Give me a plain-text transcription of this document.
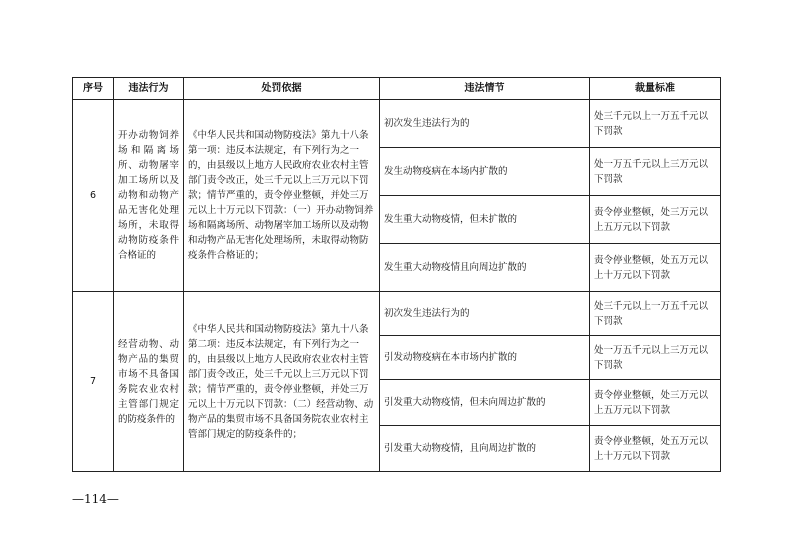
序号	违法行为	处罚依据	违法情节	裁量标准
6	开办动物饲养场和隔离场所、动物屠宰加工场所以及动物和动物产品无害化处理场所，未取得动物防疫条件合格证的	《中华人民共和国动物防疫法》第九十八条第一项：违反本法规定，有下列行为之一的，由县级以上地方人民政府农业农村主管部门责令改正，处三千元以上三万元以下罚款；情节严重的，责令停业整顿，并处三万元以上十万元以下罚款：（一）开办动物饲养场和隔离场所、动物屠宰加工场所以及动物和动物产品无害化处理场所，未取得动物防疫条件合格证的；	初次发生违法行为的	处三千元以上一万五千元以下罚款
			发生动物疫病在本场内扩散的	处一万五千元以上三万元以下罚款
			发生重大动物疫情，但未扩散的	责令停业整顿，处三万元以上五万元以下罚款
			发生重大动物疫情且向周边扩散的	责令停业整顿，处五万元以上十万元以下罚款
7	经营动物、动物产品的集贸市场不具备国务院农业农村主管部门规定的防疫条件的	《中华人民共和国动物防疫法》第九十八条第二项：违反本法规定，有下列行为之一的，由县级以上地方人民政府农业农村主管部门责令改正，处三千元以上三万元以下罚款；情节严重的，责令停业整顿，并处三万元以上十万元以下罚款：（二）经营动物、动物产品的集贸市场不具备国务院农业农村主管部门规定的防疫条件的；	初次发生违法行为的	处三千元以上一万五千元以下罚款
			引发动物疫病在本市场内扩散的	处一万五千元以上三万元以下罚款
			引发重大动物疫情，但未向周边扩散的	责令停业整顿，处三万元以上五万元以下罚款
			引发重大动物疫情，且向周边扩散的	责令停业整顿，处五万元以上十万元以下罚款
—114—
